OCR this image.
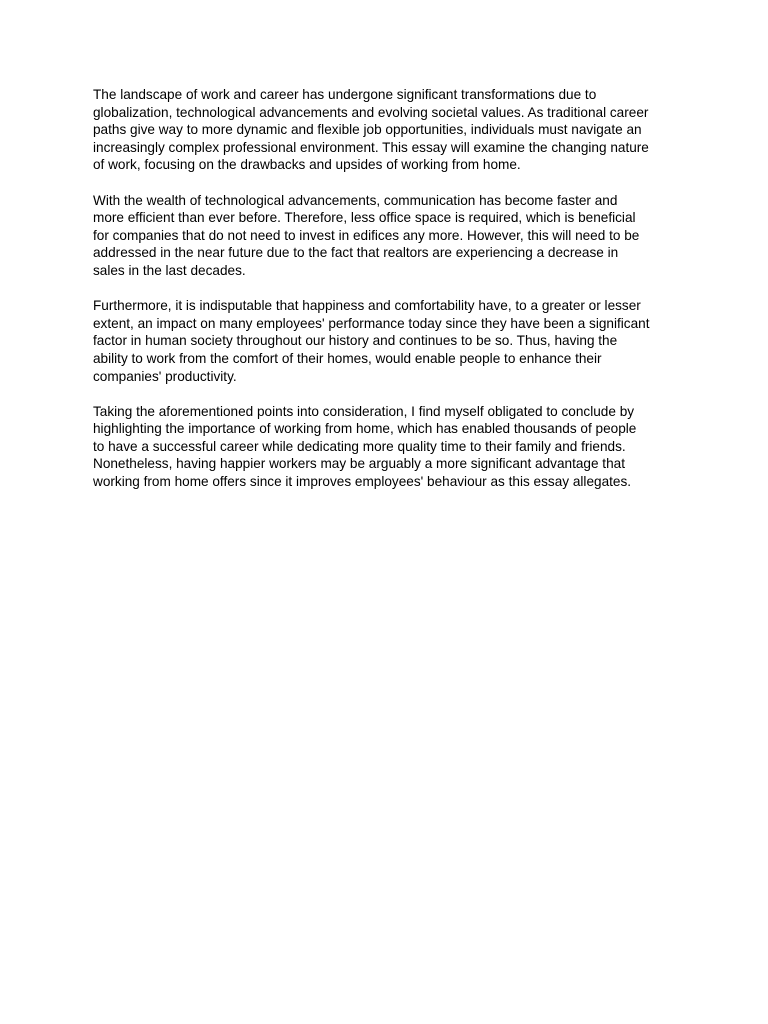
The landscape of work and career has undergone significant transformations due to
globalization, technological advancements and evolving societal values. As traditional career
paths give way to more dynamic and flexible job opportunities, individuals must navigate an
increasingly complex professional environment. This essay will examine the changing nature
of work, focusing on the drawbacks and upsides of working from home.

With the wealth of technological advancements, communication has become faster and
more efficient than ever before. Therefore, less office space is required, which is beneficial
for companies that do not need to invest in edifices any more. However, this will need to be
addressed in the near future due to the fact that realtors are experiencing a decrease in
sales in the last decades.

Furthermore, it is indisputable that happiness and comfortability have, to a greater or lesser
extent, an impact on many employees' performance today since they have been a significant
factor in human society throughout our history and continues to be so. Thus, having the
ability to work from the comfort of their homes, would enable people to enhance their
companies' productivity.

Taking the aforementioned points into consideration, I find myself obligated to conclude by
highlighting the importance of working from home, which has enabled thousands of people
to have a successful career while dedicating more quality time to their family and friends.
Nonetheless, having happier workers may be arguably a more significant advantage that
working from home offers since it improves employees' behaviour as this essay allegates.
